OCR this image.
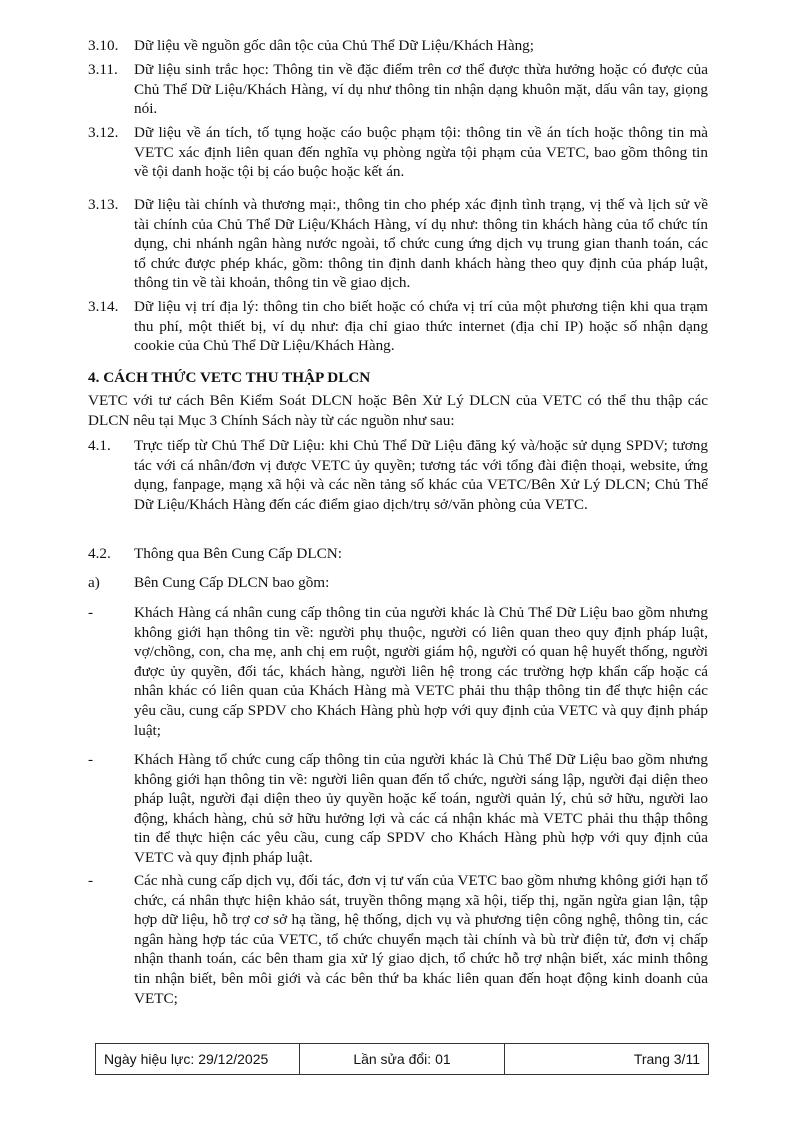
3.10. Dữ liệu về nguồn gốc dân tộc của Chủ Thể Dữ Liệu/Khách Hàng;
3.11. Dữ liệu sinh trắc học: Thông tin về đặc điểm trên cơ thể được thừa hưởng hoặc có được của Chủ Thể Dữ Liệu/Khách Hàng, ví dụ như thông tin nhận dạng khuôn mặt, dấu vân tay, giọng nói.
3.12. Dữ liệu về án tích, tố tụng hoặc cáo buộc phạm tội: thông tin về án tích hoặc thông tin mà VETC xác định liên quan đến nghĩa vụ phòng ngừa tội phạm của VETC, bao gồm thông tin về tội danh hoặc tội bị cáo buộc hoặc kết án.
3.13. Dữ liệu tài chính và thương mại:, thông tin cho phép xác định tình trạng, vị thế và lịch sử về tài chính của Chủ Thể Dữ Liệu/Khách Hàng, ví dụ như: thông tin khách hàng của tổ chức tín dụng, chi nhánh ngân hàng nước ngoài, tổ chức cung ứng dịch vụ trung gian thanh toán, các tổ chức được phép khác, gồm: thông tin định danh khách hàng theo quy định của pháp luật, thông tin về tài khoản, thông tin về giao dịch.
3.14. Dữ liệu vị trí địa lý: thông tin cho biết hoặc có chứa vị trí của một phương tiện khi qua trạm thu phí, một thiết bị, ví dụ như: địa chỉ giao thức internet (địa chỉ IP) hoặc số nhận dạng cookie của Chủ Thể Dữ Liệu/Khách Hàng.
4. CÁCH THỨC VETC THU THẬP DLCN
VETC với tư cách Bên Kiểm Soát DLCN hoặc Bên Xử Lý DLCN của VETC có thể thu thập các DLCN nêu tại Mục 3 Chính Sách này từ các nguồn như sau:
4.1. Trực tiếp từ Chủ Thể Dữ Liệu: khi Chủ Thể Dữ Liệu đăng ký và/hoặc sử dụng SPDV; tương tác với cá nhân/đơn vị được VETC ủy quyền; tương tác với tổng đài điện thoại, website, ứng dụng, fanpage, mạng xã hội và các nền tảng số khác của VETC/Bên Xử Lý DLCN; Chủ Thể Dữ Liệu/Khách Hàng đến các điểm giao dịch/trụ sở/văn phòng của VETC.
4.2. Thông qua Bên Cung Cấp DLCN:
a) Bên Cung Cấp DLCN bao gồm:
-	Khách Hàng cá nhân cung cấp thông tin của người khác là Chủ Thể Dữ Liệu bao gồm nhưng không giới hạn thông tin về: người phụ thuộc, người có liên quan theo quy định pháp luật, vợ/chồng, con, cha mẹ, anh chị em ruột, người giám hộ, người có quan hệ huyết thống, người được ủy quyền, đối tác, khách hàng, người liên hệ trong các trường hợp khẩn cấp hoặc cá nhân khác có liên quan của Khách Hàng mà VETC phải thu thập thông tin để thực hiện các yêu cầu, cung cấp SPDV cho Khách Hàng phù hợp với quy định của VETC và quy định pháp luật;
-	Khách Hàng tổ chức cung cấp thông tin của người khác là Chủ Thể Dữ Liệu bao gồm nhưng không giới hạn thông tin về: người liên quan đến tổ chức, người sáng lập, người đại diện theo pháp luật, người đại diện theo ủy quyền hoặc kế toán, người quản lý, chủ sở hữu, người lao động, khách hàng, chủ sở hữu hưởng lợi và các cá nhận khác mà VETC phải thu thập thông tin để thực hiện các yêu cầu, cung cấp SPDV cho Khách Hàng phù hợp với quy định của VETC và quy định pháp luật.
-	Các nhà cung cấp dịch vụ, đối tác, đơn vị tư vấn của VETC bao gồm nhưng không giới hạn tổ chức, cá nhân thực hiện khảo sát, truyền thông mạng xã hội, tiếp thị, ngăn ngừa gian lận, tập hợp dữ liệu, hỗ trợ cơ sở hạ tầng, hệ thống, dịch vụ và phương tiện công nghệ, thông tin, các ngân hàng hợp tác của VETC, tổ chức chuyển mạch tài chính và bù trừ điện tử, đơn vị chấp nhận thanh toán, các bên tham gia xử lý giao dịch, tổ chức hỗ trợ nhận biết, xác minh thông tin nhận biết, bên môi giới và các bên thứ ba khác liên quan đến hoạt động kinh doanh của VETC;
Ngày hiệu lực: 29/12/2025	Lần sửa đổi: 01	Trang 3/11
